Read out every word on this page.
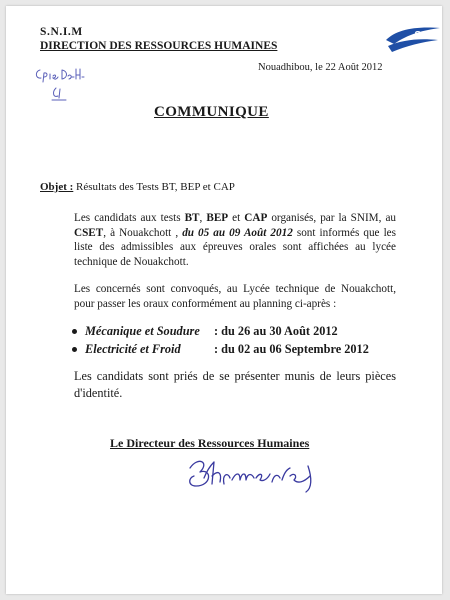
S.N.I.M
DIRECTION DES RESSOURCES HUMAINES
Snim
Nouadhibou, le 22 Août 2012
COMMUNIQUE
Objet : Résultats des Tests BT, BEP et CAP
Les candidats aux tests BT, BEP et CAP organisés, par la SNIM, au CSET, à Nouakchott , du 05 au 09 Août 2012 sont informés que les liste des admissibles aux épreuves orales sont affichées au lycée technique de Nouakchott.
Les concernés sont convoqués, au Lycée technique de Nouakchott, pour passer les oraux conformément au planning ci-après :
Mécanique et Soudure : du 26 au 30 Août 2012
Electricité et Froid	: du 02 au 06 Septembre 2012
Les candidats sont priés de se présenter munis de leurs pièces d'identité.
Le Directeur des Ressources Humaines
